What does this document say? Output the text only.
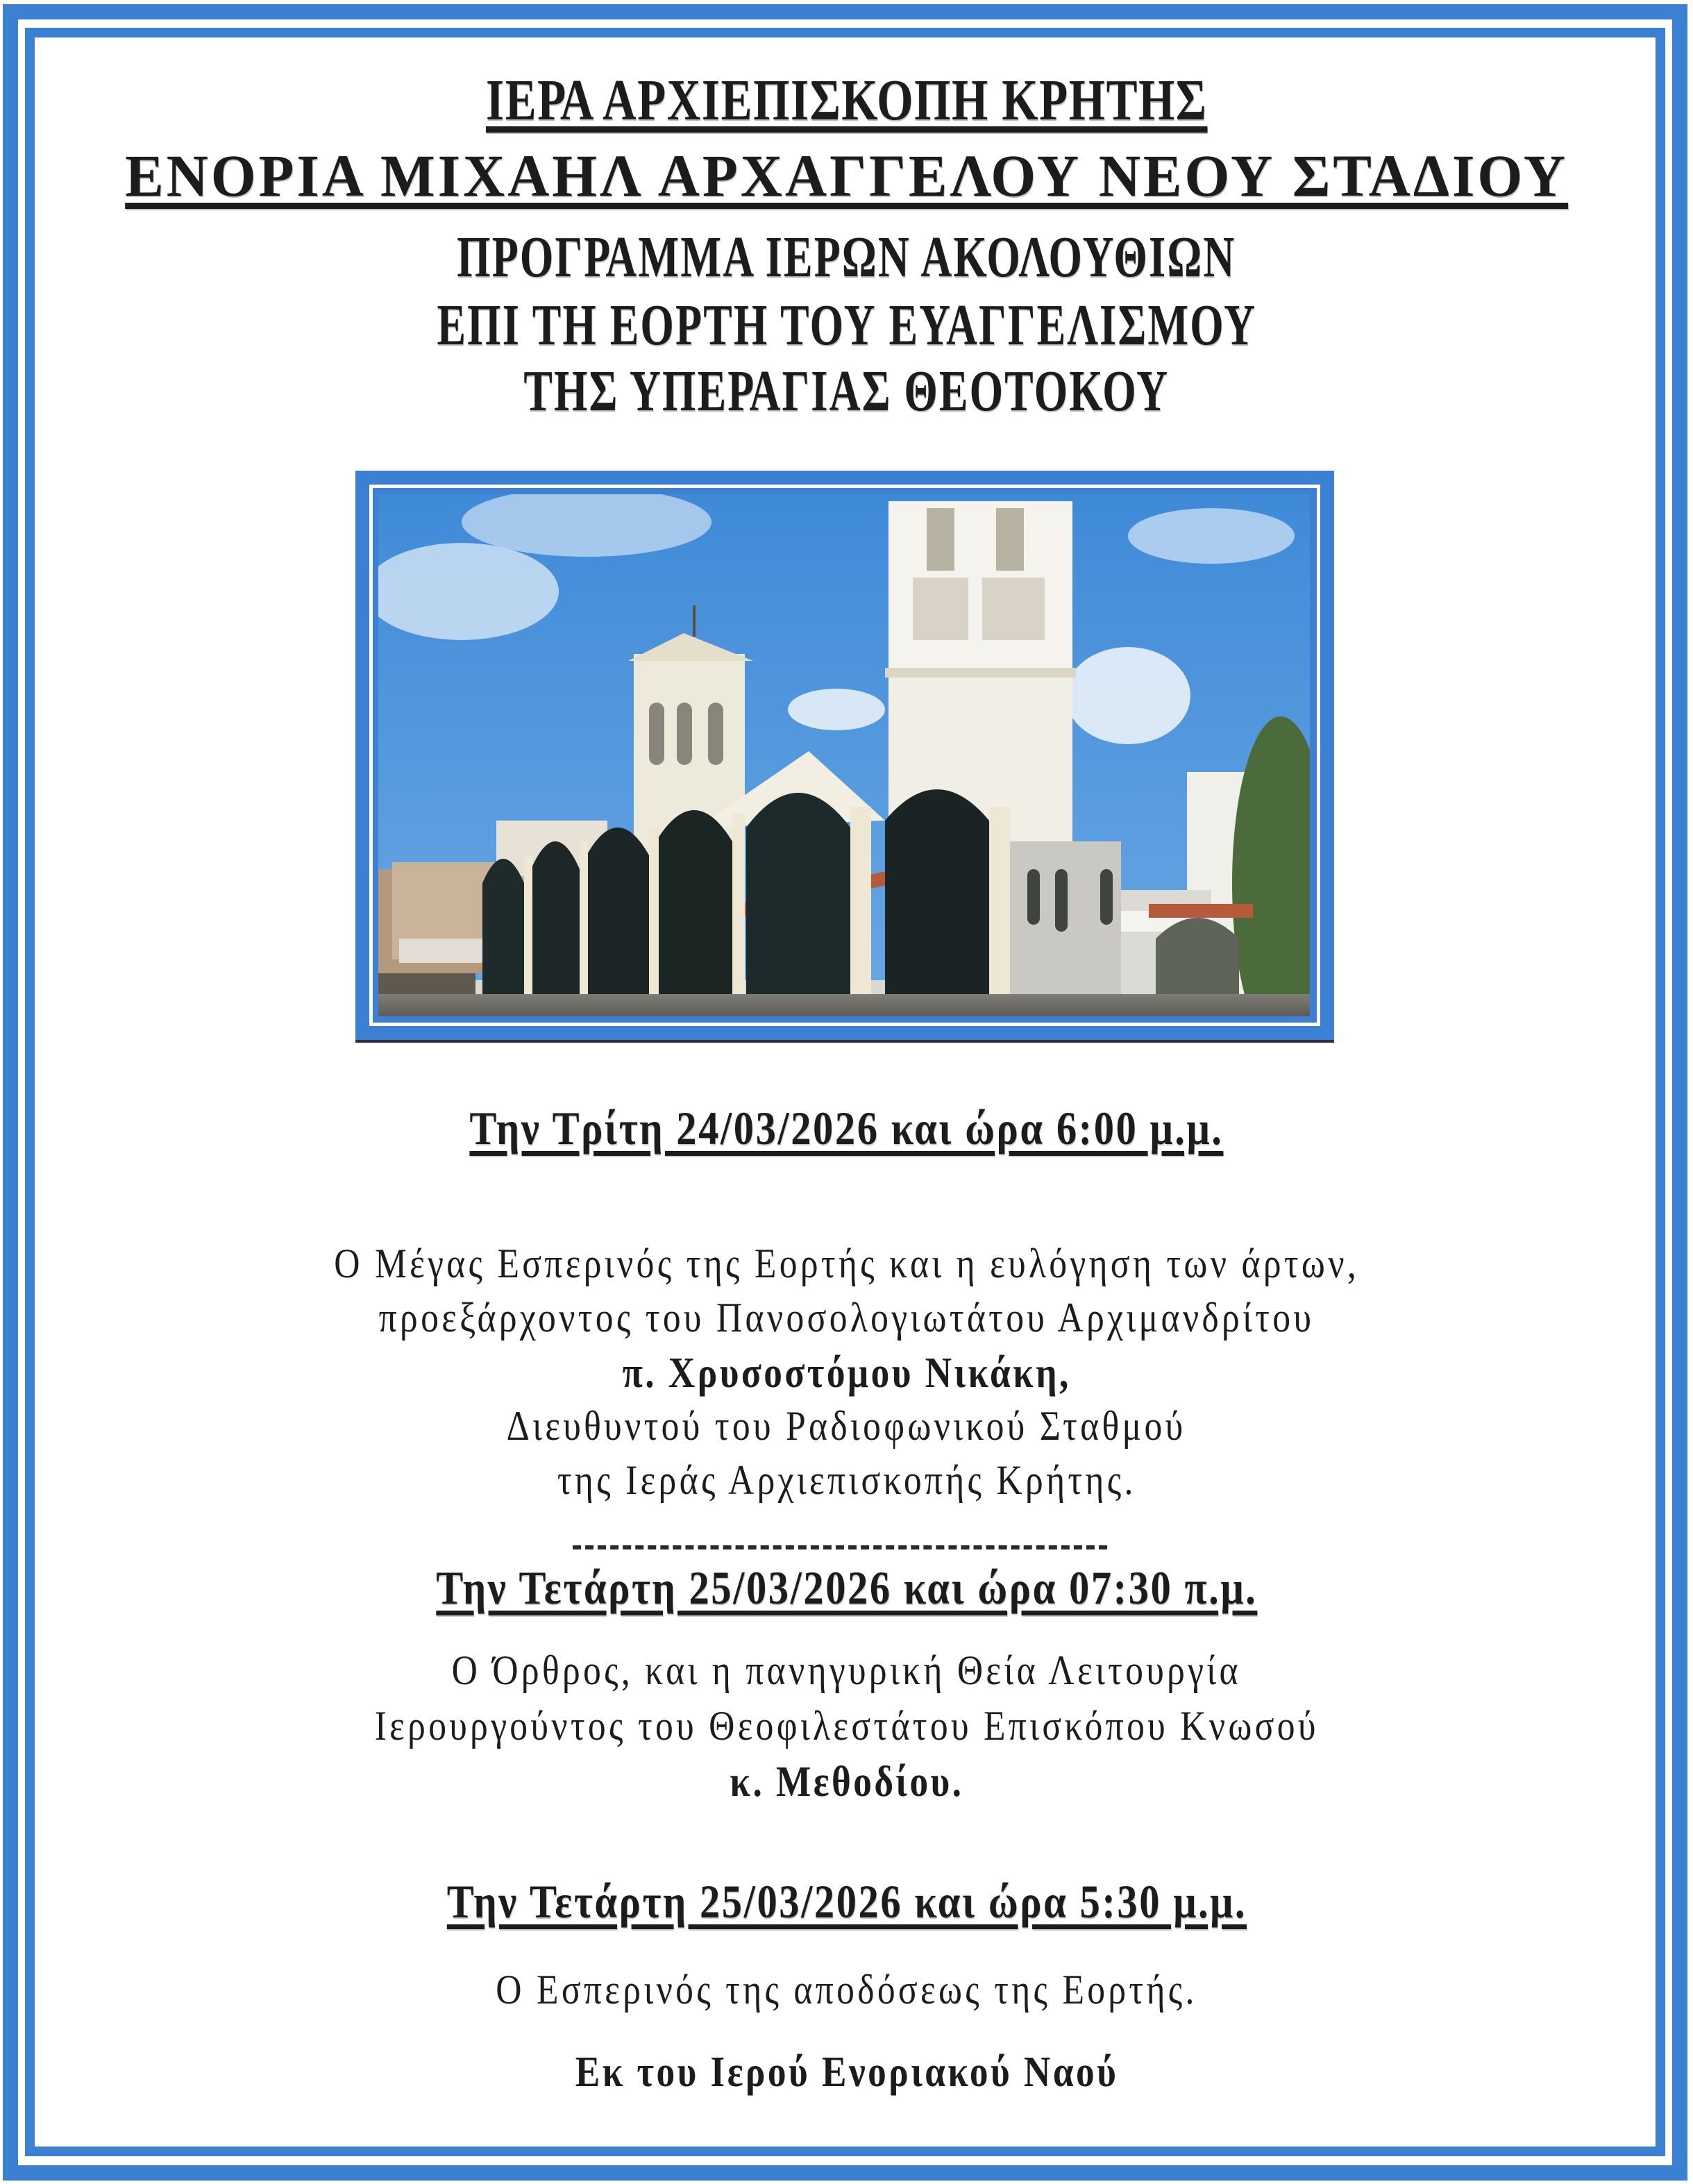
ΙΕΡΑ ΑΡΧΙΕΠΙΣΚΟΠΗ ΚΡΗΤΗΣ
ΕΝΟΡΙΑ ΜΙΧΑΗΛ ΑΡΧΑΓΓΕΛΟΥ ΝΕΟΥ ΣΤΑΔΙΟΥ
ΠΡΟΓΡΑΜΜΑ ΙΕΡΩΝ ΑΚΟΛΟΥΘΙΩΝ
ΕΠΙ ΤΗ ΕΟΡΤΗ ΤΟΥ ΕΥΑΓΓΕΛΙΣΜΟΥ
ΤΗΣ ΥΠΕΡΑΓΙΑΣ ΘΕΟΤΟΚΟΥ
Την Τρίτη 24/03/2026 και ώρα 6:00 μ.μ.
Ο Μέγας Εσπερινός της Εορτής και η ευλόγηση των άρτων,
προεξάρχοντος του Πανοσολογιωτάτου Αρχιμανδρίτου
π. Χρυσοστόμου Νικάκη,
Διευθυντού του Ραδιοφωνικού Σταθμού
της Ιεράς Αρχιεπισκοπής Κρήτης.
Την Τετάρτη 25/03/2026 και ώρα 07:30 π.μ.
Ο Όρθρος, και η πανηγυρική Θεία Λειτουργία
Ιερουργούντος του Θεοφιλεστάτου Επισκόπου Κνωσού
κ. Μεθοδίου.
Την Τετάρτη 25/03/2026 και ώρα 5:30 μ.μ.
Ο Εσπερινός της αποδόσεως της Εορτής.
Εκ του Ιερού Ενοριακού Ναού
